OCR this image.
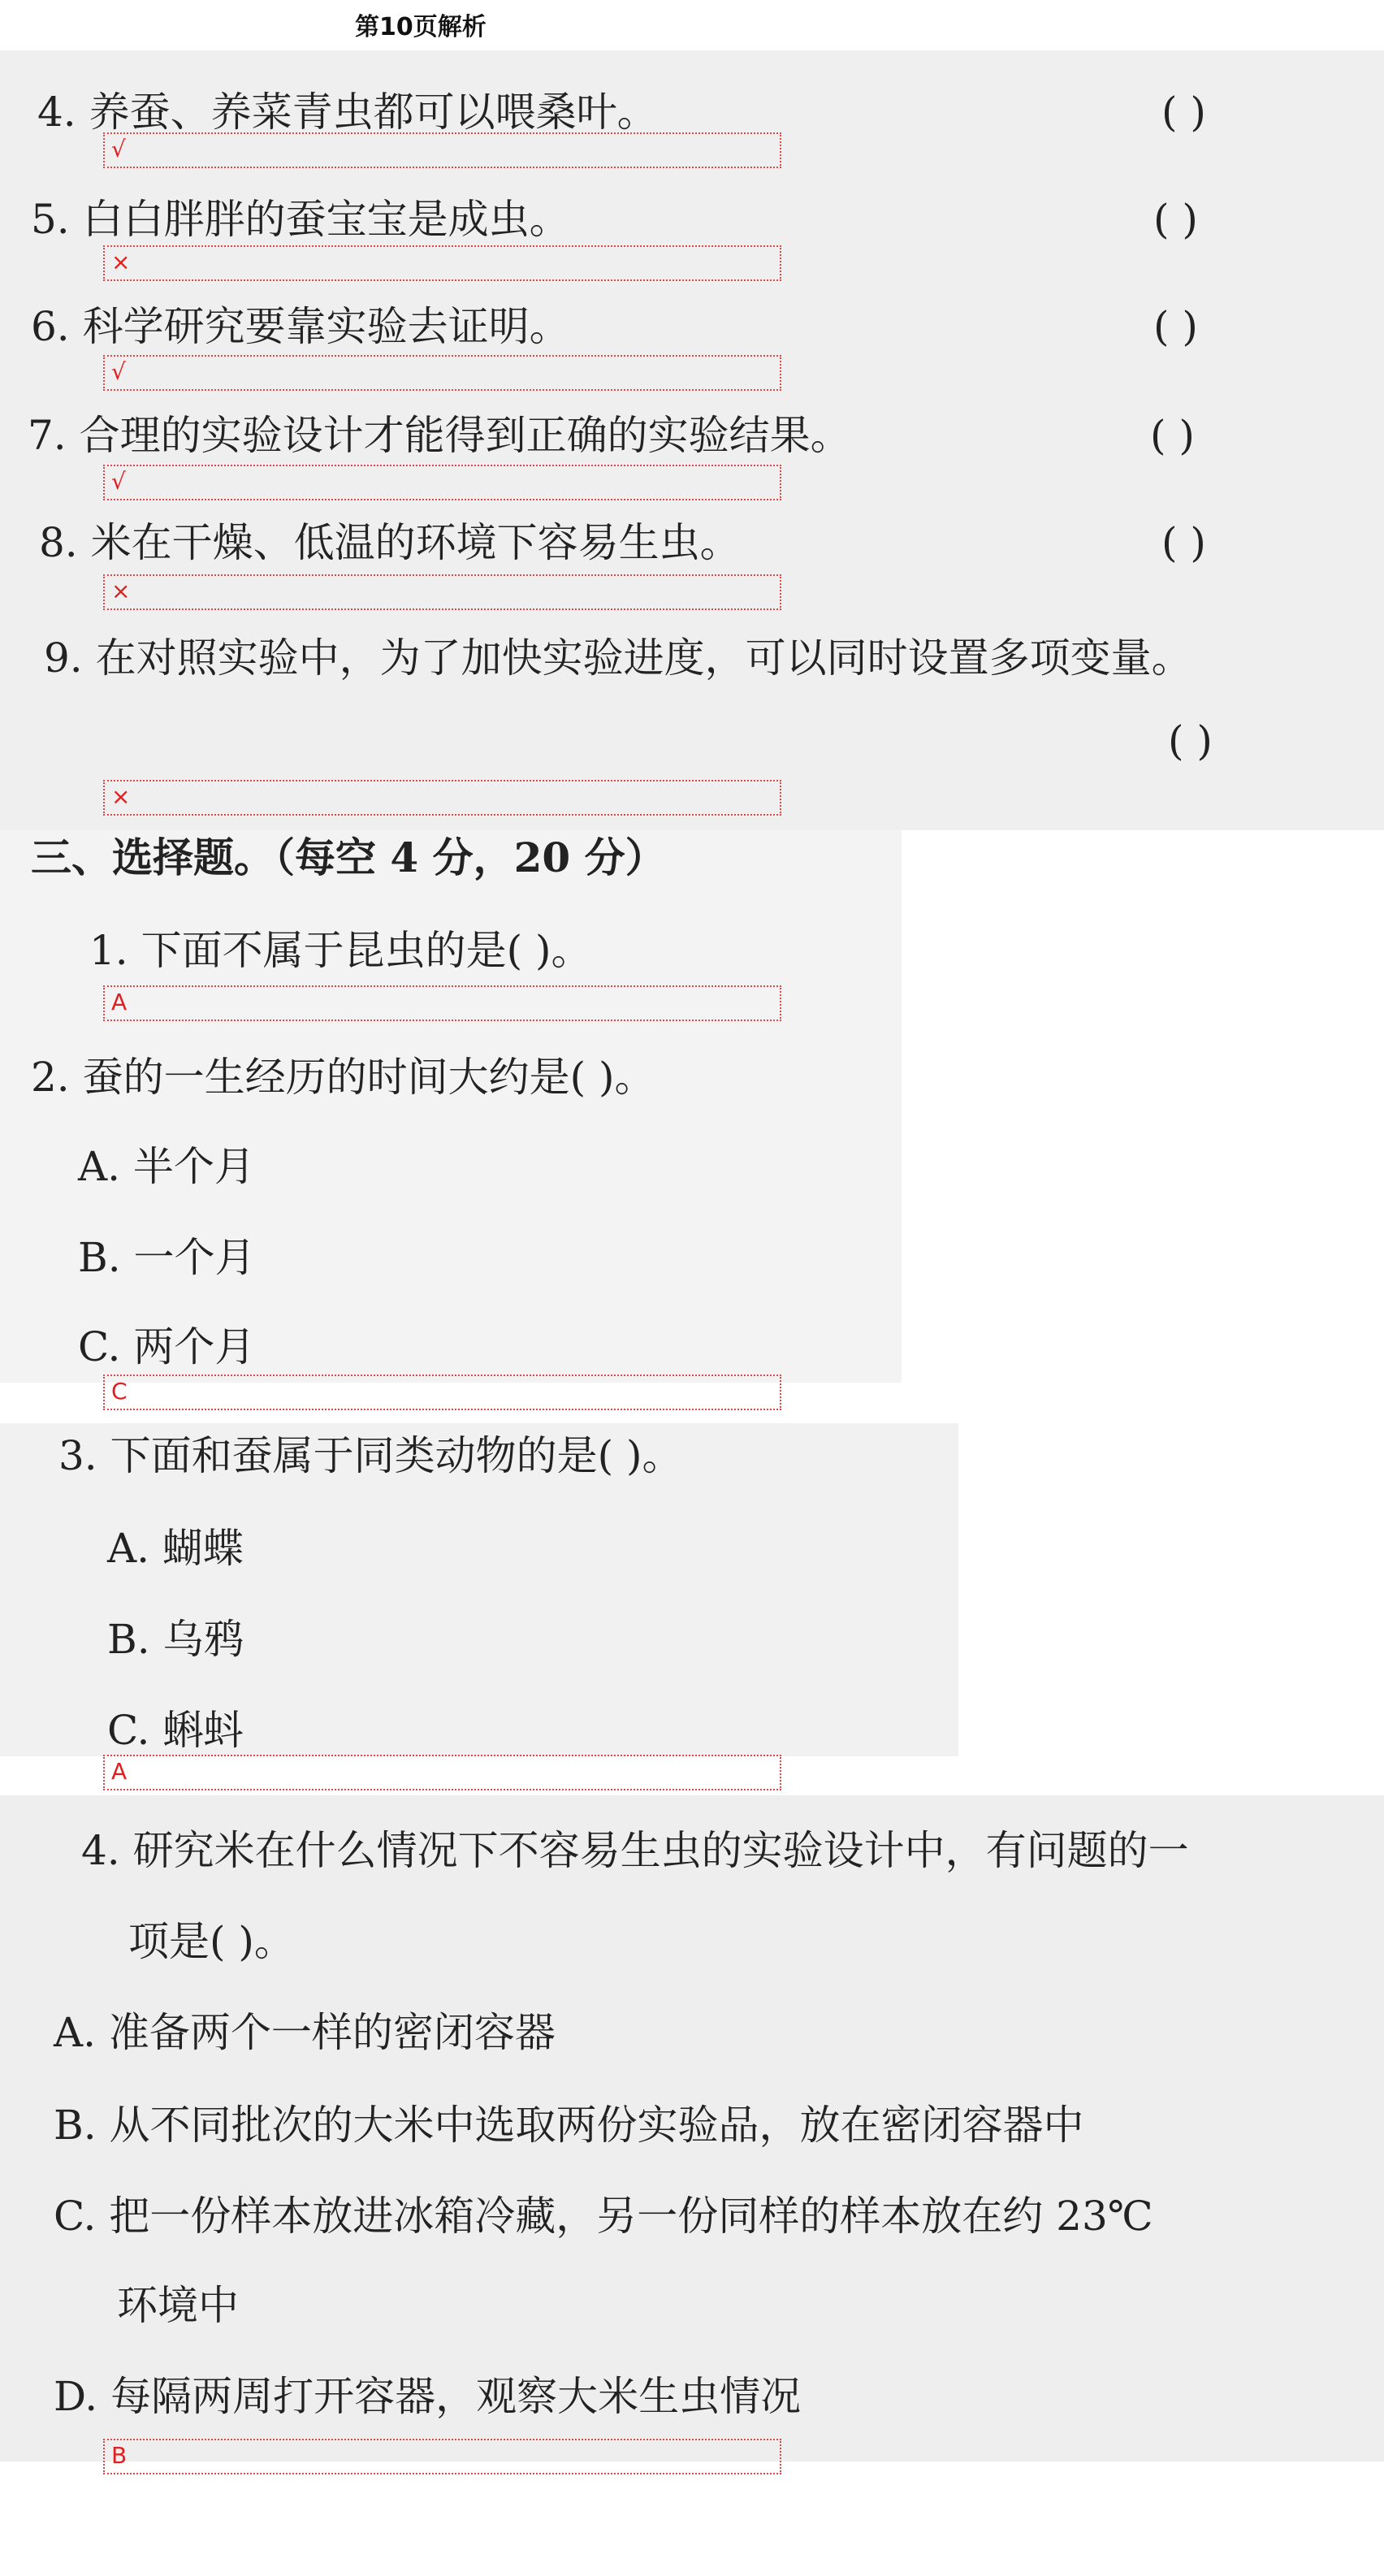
第10页解析
4. 养蚕、养菜青虫都可以喂桑叶。	( )
√
5. 白白胖胖的蚕宝宝是成虫。	( )
×
6. 科学研究要靠实验去证明。	( )
√
7. 合理的实验设计才能得到正确的实验结果。	( )
√
8. 米在干燥、低温的环境下容易生虫。	( )
×
9. 在对照实验中，为了加快实验进度，可以同时设置多项变量。
( )
×
三、选择题。（每空 4 分，20 分）
1. 下面不属于昆虫的是( )。
A
2. 蚕的一生经历的时间大约是( )。
A. 半个月
B. 一个月
C. 两个月
C
3. 下面和蚕属于同类动物的是( )。
A. 蝴蝶
B. 乌鸦
C. 蝌蚪
A
4. 研究米在什么情况下不容易生虫的实验设计中，有问题的一
项是( )。
A. 准备两个一样的密闭容器
B. 从不同批次的大米中选取两份实验品，放在密闭容器中
C. 把一份样本放进冰箱冷藏，另一份同样的样本放在约 23℃
环境中
D. 每隔两周打开容器，观察大米生虫情况
B
